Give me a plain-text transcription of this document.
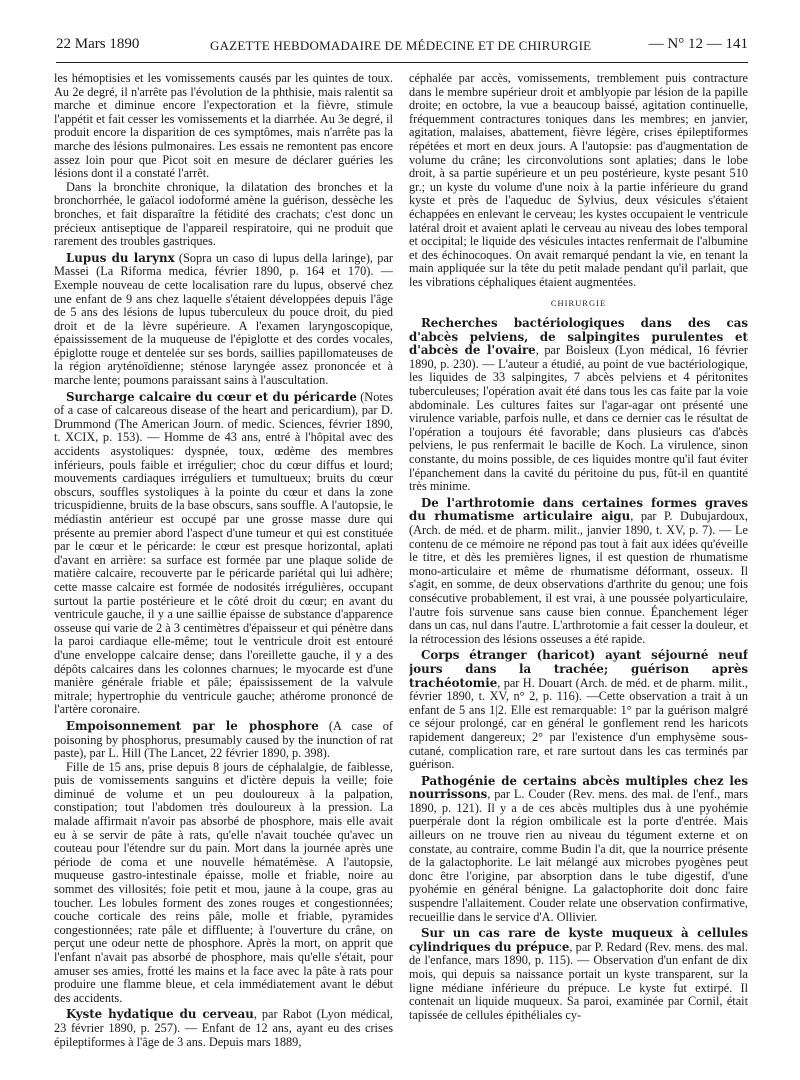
22 Mars 1890	GAZETTE HEBDOMADAIRE DE MÉDECINE ET DE CHIRURGIE	— N° 12 — 141

les hémoptisies et les vomissements causés par les quintes de toux. Au 2e degré, il n'arrête pas l'évolution de la phthisie, mais ralentit sa marche et diminue encore l'expectoration et la fièvre, stimule l'appétit et fait cesser les vomissements et la diarrhée. Au 3e degré, il produit encore la disparition de ces symptômes, mais n'arrête pas la marche des lésions pulmonaires. Les essais ne remontent pas encore assez loin pour que Picot soit en mesure de déclarer guéries les lésions dont il a constaté l'arrêt.

Dans la bronchite chronique, la dilatation des bronches et la bronchorrhée, le gaïacol iodoformé amène la guérison, dessèche les bronches, et fait disparaître la fétidité des crachats; c'est donc un précieux antiseptique de l'appareil respiratoire, qui ne produit que rarement des troubles gastriques.

Lupus du larynx (Sopra un caso di lupus della laringe), par Massei (La Riforma medica, février 1890, p. 164 et 170). — Exemple nouveau de cette localisation rare du lupus, observé chez une enfant de 9 ans chez laquelle s'étaient développées depuis l'âge de 5 ans des lésions de lupus tuberculeux du pouce droit, du pied droit et de la lèvre supérieure. A l'examen laryngoscopique, épaississement de la muqueuse de l'épiglotte et des cordes vocales, épiglotte rouge et dentelée sur ses bords, saillies papillomateuses de la région aryténoïdienne; sténose laryngée assez prononcée et à marche lente; poumons paraissant sains à l'auscultation.

Surcharge calcaire du cœur et du péricarde (Notes of a case of calcareous disease of the heart and pericardium), par D. Drummond (The American Journ. of medic. Sciences, février 1890, t. XCIX, p. 153). — Homme de 43 ans, entré à l'hôpital avec des accidents asystoliques: dyspnée, toux, œdème des membres inférieurs, pouls faible et irrégulier; choc du cœur diffus et lourd; mouvements cardiaques irréguliers et tumultueux; bruits du cœur obscurs, souffles systoliques à la pointe du cœur et dans la zone tricuspidienne, bruits de la base obscurs, sans souffle. A l'autopsie, le médiastin antérieur est occupé par une grosse masse dure qui présente au premier abord l'aspect d'une tumeur et qui est constituée par le cœur et le péricarde: le cœur est presque horizontal, aplati d'avant en arrière: sa surface est formée par une plaque solide de matière calcaire, recouverte par le péricarde pariétal qui lui adhère; cette masse calcaire est formée de nodosités irrégulières, occupant surtout la partie postérieure et le côté droit du cœur; en avant du ventricule gauche, il y a une saillie épaisse de substance d'apparence osseuse qui varie de 2 à 3 centimètres d'épaisseur et qui pénètre dans la paroi cardiaque elle-même; tout le ventricule droit est entouré d'une enveloppe calcaire dense; dans l'oreillette gauche, il y a des dépôts calcaires dans les colonnes charnues; le myocarde est d'une manière générale friable et pâle; épaississement de la valvule mitrale; hypertrophie du ventricule gauche; athérome prononcé de l'artère coronaire.

Empoisonnement par le phosphore (A case of poisoning by phosphorus, presumably caused by the inunction of rat paste), par L. Hill (The Lancet, 22 février 1890, p. 398).

Fille de 15 ans, prise depuis 8 jours de céphalalgie, de faiblesse, puis de vomissements sanguins et d'ictère depuis la veille; foie diminué de volume et un peu douloureux à la palpation, constipation; tout l'abdomen très douloureux à la pression. La malade affirmait n'avoir pas absorbé de phosphore, mais elle avait eu à se servir de pâte à rats, qu'elle n'avait touchée qu'avec un couteau pour l'étendre sur du pain. Mort dans la journée après une période de coma et une nouvelle hématémèse. A l'autopsie, muqueuse gastro-intestinale épaisse, molle et friable, noire au sommet des villosités; foie petit et mou, jaune à la coupe, gras au toucher. Les lobules forment des zones rouges et congestionnées; couche corticale des reins pâle, molle et friable, pyramides congestionnées; rate pâle et diffluente; à l'ouverture du crâne, on perçut une odeur nette de phosphore. Après la mort, on apprit que l'enfant n'avait pas absorbé de phosphore, mais qu'elle s'était, pour amuser ses amies, frotté les mains et la face avec la pâte à rats pour produire une flamme bleue, et cela immédiatement avant le début des accidents.

Kyste hydatique du cerveau, par Rabot (Lyon médical, 23 février 1890, p. 257). — Enfant de 12 ans, ayant eu des crises épileptiformes à l'âge de 3 ans. Depuis mars 1889,

céphalée par accès, vomissements, tremblement puis contracture dans le membre supérieur droit et amblyopie par lésion de la papille droite; en octobre, la vue a beaucoup baissé, agitation continuelle, fréquemment contractures toniques dans les membres; en janvier, agitation, malaises, abattement, fièvre légère, crises épileptiformes répétées et mort en deux jours. A l'autopsie: pas d'augmentation de volume du crâne; les circonvolutions sont aplaties; dans le lobe droit, à sa partie supérieure et un peu postérieure, kyste pesant 510 gr.; un kyste du volume d'une noix à la partie inférieure du grand kyste et près de l'aqueduc de Sylvius, deux vésicules s'étaient échappées en enlevant le cerveau; les kystes occupaient le ventricule latéral droit et avaient aplati le cerveau au niveau des lobes temporal et occipital; le liquide des vésicules intactes renfermait de l'albumine et des échinocoques. On avait remarqué pendant la vie, en tenant la main appliquée sur la tête du petit malade pendant qu'il parlait, que les vibrations céphaliques étaient augmentées.

CHIRURGIE

Recherches bactériologiques dans des cas d'abcès pelviens, de salpingites purulentes et d'abcès de l'ovaire, par Boisleux (Lyon médical, 16 février 1890, p. 230). — L'auteur a étudié, au point de vue bactériologique, les liquides de 33 salpingites, 7 abcès pelviens et 4 péritonites tuberculeuses; l'opération avait été dans tous les cas faite par la voie abdominale. Les cultures faites sur l'agar-agar ont présenté une virulence variable, parfois nulle, et dans ce dernier cas le résultat de l'opération a toujours été favorable; dans plusieurs cas d'abcès pelviens, le pus renfermait le bacille de Koch. La virulence, sinon constante, du moins possible, de ces liquides montre qu'il faut éviter l'épanchement dans la cavité du péritoine du pus, fût-il en quantité très minime.

De l'arthrotomie dans certaines formes graves du rhumatisme articulaire aigu, par P. Dubujardoux, (Arch. de méd. et de pharm. milit., janvier 1890, t. XV, p. 7). — Le contenu de ce mémoire ne répond pas tout à fait aux idées qu'éveille le titre, et dès les premières lignes, il est question de rhumatisme mono-articulaire et même de rhumatisme déformant, osseux. Il s'agit, en somme, de deux observations d'arthrite du genou; une fois consécutive probablement, il est vrai, à une poussée polyarticulaire, l'autre fois survenue sans cause bien connue. Épanchement léger dans un cas, nul dans l'autre. L'arthrotomie a fait cesser la douleur, et la rétrocession des lésions osseuses a été rapide.

Corps étranger (haricot) ayant séjourné neuf jours dans la trachée; guérison après trachéotomie, par H. Douart (Arch. de méd. et de pharm. milit., février 1890, t. XV, n° 2, p. 116). —Cette observation a trait à un enfant de 5 ans 1|2. Elle est remarquable: 1° par la guérison malgré ce séjour prolongé, car en général le gonflement rend les haricots rapidement dangereux; 2° par l'existence d'un emphysème sous-cutané, complication rare, et rare surtout dans les cas terminés par guérison.

Pathogénie de certains abcès multiples chez les nourrissons, par L. Couder (Rev. mens. des mal. de l'enf., mars 1890, p. 121). Il y a de ces abcès multiples dus à une pyohémie puerpérale dont la région ombilicale est la porte d'entrée. Mais ailleurs on ne trouve rien au niveau du tégument externe et on constate, au contraire, comme Budin l'a dit, que la nourrice présente de la galactophorite. Le lait mélangé aux microbes pyogènes peut donc être l'origine, par absorption dans le tube digestif, d'une pyohémie en général bénigne. La galactophorite doit donc faire suspendre l'allaitement. Couder relate une observation confirmative, recueillie dans le service d'A. Ollivier.

Sur un cas rare de kyste muqueux à cellules cylindriques du prépuce, par P. Redard (Rev. mens. des mal. de l'enfance, mars 1890, p. 115). — Observation d'un enfant de dix mois, qui depuis sa naissance portait un kyste transparent, sur la ligne médiane inférieure du prépuce. Le kyste fut extirpé. Il contenait un liquide muqueux. Sa paroi, examinée par Cornil, était tapissée de cellules épithéliales cy-
